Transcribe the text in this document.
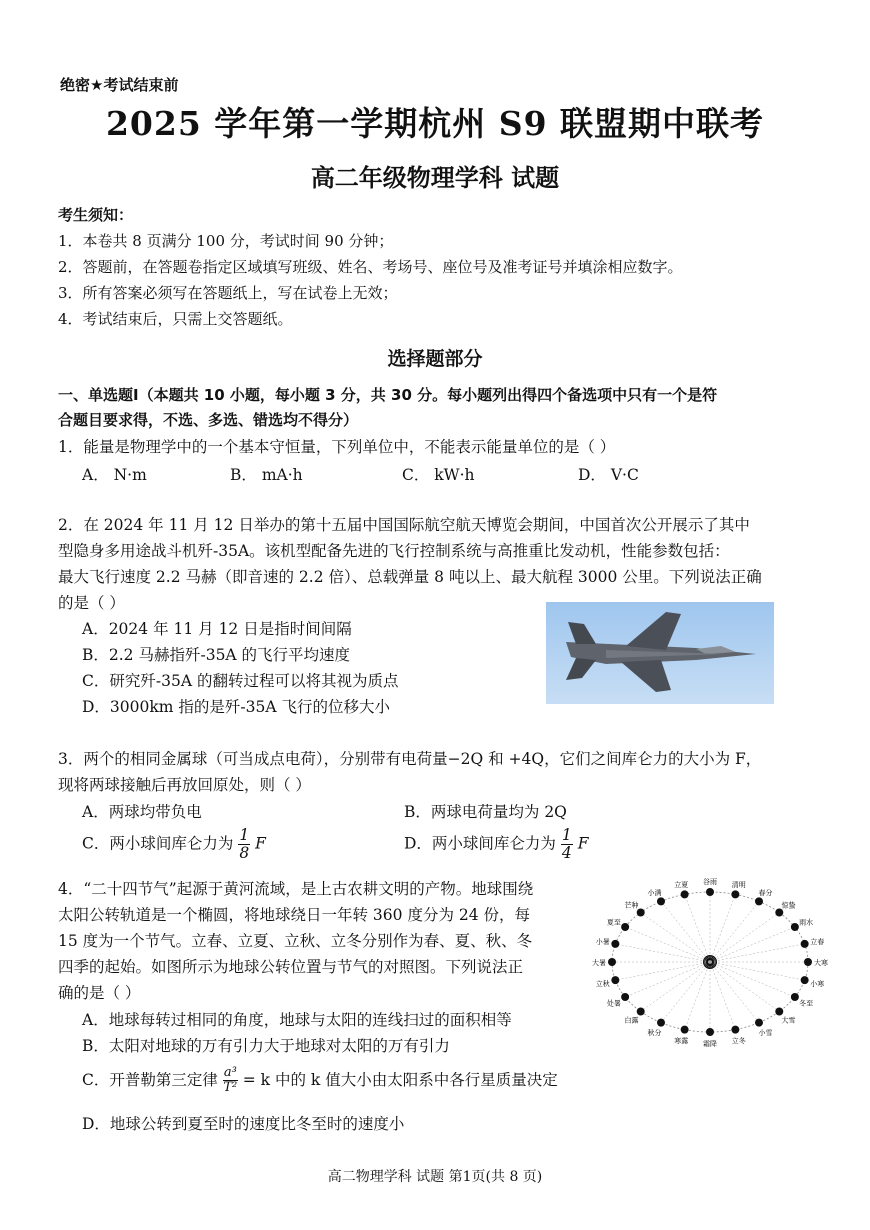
绝密★考试结束前
2025 学年第一学期杭州 S9 联盟期中联考
高二年级物理学科 试题
考生须知：
1．本卷共 8 页满分 100 分，考试时间 90 分钟；
2．答题前，在答题卷指定区域填写班级、姓名、考场号、座位号及准考证号并填涂相应数字。
3．所有答案必须写在答题纸上，写在试卷上无效；
4．考试结束后，只需上交答题纸。
选择题部分
一、单选题Ⅰ（本题共 10 小题，每小题 3 分，共 30 分。每小题列出得四个备选项中只有一个是符
合题目要求得，不选、多选、错选均不得分）
1．能量是物理学中的一个基本守恒量，下列单位中，不能表示能量单位的是（ ）
A． N·m	B． mA·h	C． kW·h	D． V·C
2．在 2024 年 11 月 12 日举办的第十五届中国国际航空航天博览会期间，中国首次公开展示了其中
型隐身多用途战斗机歼-35A。该机型配备先进的飞行控制系统与高推重比发动机，性能参数包括：
最大飞行速度 2.2 马赫（即音速的 2.2 倍）、总载弹量 8 吨以上、最大航程 3000 公里。下列说法正确
的是（ ）
A．2024 年 11 月 12 日是指时间间隔
B．2.2 马赫指歼-35A 的飞行平均速度
C．研究歼-35A 的翻转过程可以将其视为质点
D．3000km 指的是歼-35A 飞行的位移大小
3．两个的相同金属球（可当成点电荷），分别带有电荷量−2Q 和 +4Q，它们之间库仑力的大小为 F，
现将两球接触后再放回原处，则（ ）
A．两球均带负电	B．两球电荷量均为 2Q
C．两小球间库仑力为 $\frac{1}{8}$ F	D．两小球间库仑力为 $\frac{1}{4}$ F
4．“二十四节气”起源于黄河流域，是上古农耕文明的产物。地球围绕
太阳公转轨道是一个椭圆，将地球绕日一年转 360 度分为 24 份，每
15 度为一个节气。立春、立夏、立秋、立冬分别作为春、夏、秋、冬
四季的起始。如图所示为地球公转位置与节气的对照图。下列说法正
确的是（ ）
A．地球每转过相同的角度，地球与太阳的连线扫过的面积相等
B．太阳对地球的万有引力大于地球对太阳的万有引力
C．开普勒第三定律 $\frac{\text{a³}}{\text{T²}} = k$ 中的 k 值大小由太阳系中各行星质量决定
D．地球公转到夏至时的速度比冬至时的速度小
立夏 谷雨 清明
春分
惊蛰
雨水
立春
大寒
小寒
冬至
大雪
小雪
立冬
霜降
寒露
秋分
白露
处暑
立秋
大暑
小暑
夏至
芒种
小满
高二物理学科 试题 第1页(共 8 页)
